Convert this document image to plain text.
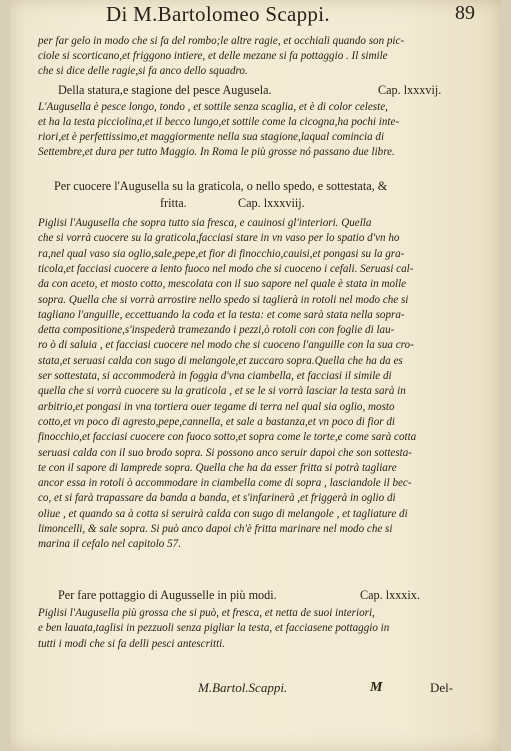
Di M.Bartolomeo Scappi.	89
per far gelo in modo che si fa del rombo;le altre ragie, et occhiali quando son pic-
ciole si scorticano,et friggono intiere, et delle mezane si fa pottaggio . Il simile
che si dice delle ragie,si fa anco dello squadro.
Della statura,e stagione del pesce Augusela.	Cap. lxxxvij.
L'Augusella è pesce longo, tondo , et sottile senza scaglia, et è di color celeste,
et ha la testa picciolina,et il becco lungo,et sottile come la cicogna,ha pochi inte-
riori,et è perfettissimo,et maggiormente nella sua stagione,laqual comincia di
Settembre,et dura per tutto Maggio. In Roma le più grosse nó passano due libre.
Per cuocere l'Augusella su la graticola, o nello spedo, e sottestata, &
fritta.	Cap. lxxxviij.
Piglisi l'Augusella che sopra tutto sia fresca, e cauinosi gl'interiori. Quella
che si vorrà cuocere su la graticola,facciasi stare in vn vaso per lo spatio d'vn ho
ra,nel qual vaso sia oglio,sale,pepe,et fior di finocchio,cauisi,et pongasi su la gra-
ticola,et facciasi cuocere a lento fuoco nel modo che si cuoceno i cefali. Seruasi cal-
da con aceto, et mosto cotto, mescolata con il suo sapore nel quale è stata in molle
sopra. Quella che si vorrà arrostire nello spedo si taglierà in rotoli nel modo che si
tagliano l'anguille, eccettuando la coda et la testa: et come sarà stata nella sopra-
detta compositione,s'inspederà tramezando i pezzi,ò rotoli con con foglie di lau-
ro ò di saluia , et facciasi cuocere nel modo che si cuoceno l'anguille con la sua cro-
stata,et seruasi calda con sugo di melangole,et zuccaro sopra.Quella che ha da es
ser sottestata, si accommoderà in foggia d'vna ciambella, et facciasi il simile di
quella che si vorrà cuocere su la graticola , et se le si vorrà lasciar la testa sarà in
arbitrio,et pongasi in vna tortiera ouer tegame di terra nel qual sia oglio, mosto
cotto,et vn poco di agresto,pepe,cannella, et sale a bastanza,et vn poco di fior di
finocchio,et facciasi cuocere con fuoco sotto,et sopra come le torte,e come sarà cotta
seruasi calda con il suo brodo sopra. Si possono anco seruir dapoi che son sottesta-
te con il sapore di lamprede sopra. Quella che ha da esser fritta si potrà tagliare
ancor essa in rotoli ò accommodare in ciambella come di sopra , lasciandole il bec-
co, et si farà trapassare da banda a banda, et s'infarinerà ,et friggerà in oglio di
oliue , et quando sa à cotta si seruirà calda con sugo di melangole , et tagliature di
limoncelli, & sale sopra. Si può anco dapoi ch'è fritta marinare nel modo che si
marina il cefalo nel capitolo 57.
Per fare pottaggio di Augusselle in più modi.	Cap. lxxxix.
Piglisi l'Augusella più grossa che si può, et fresca, et netta de suoi interiori,
e ben lauata,taglisi in pezzuoli senza pigliar la testa, et facciasene pottaggio in
tutti i modi che si fa delli pesci antescritti.
M.Bartol.Scappi.	M	Del-
